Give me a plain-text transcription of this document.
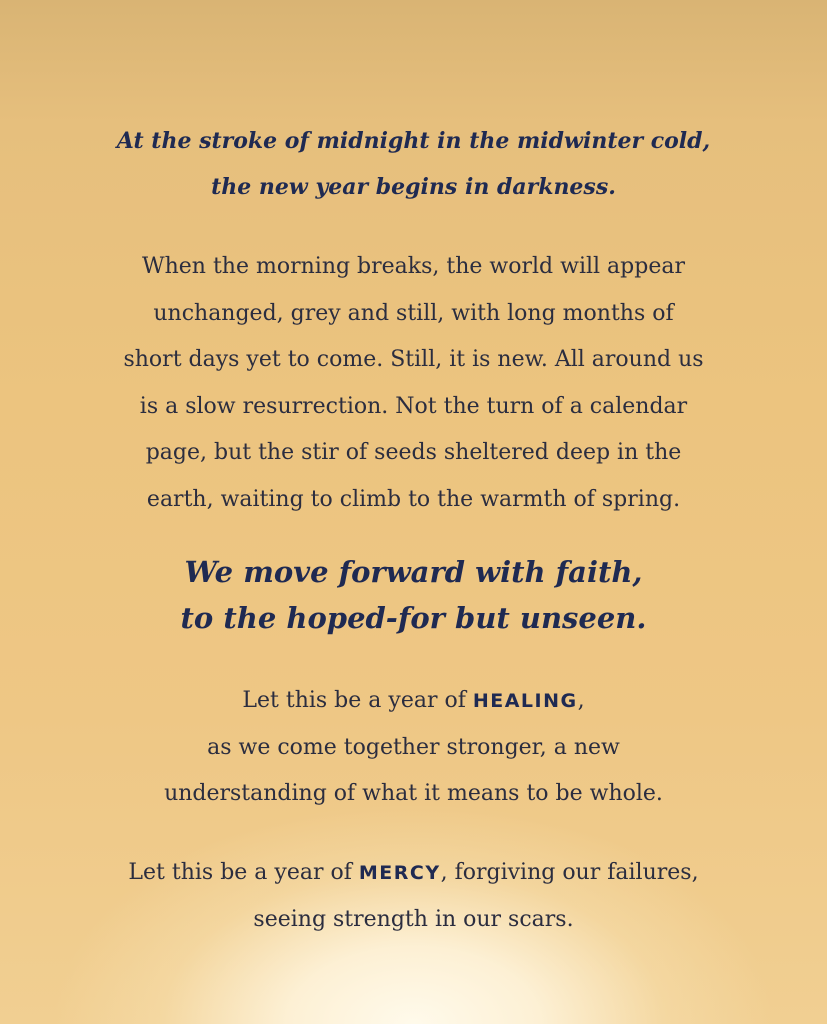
At the stroke of midnight in the midwinter cold,
the new year begins in darkness.
When the morning breaks, the world will appear
unchanged, grey and still, with long months of
short days yet to come. Still, it is new. All around us
is a slow resurrection. Not the turn of a calendar
page, but the stir of seeds sheltered deep in the
earth, waiting to climb to the warmth of spring.
We move forward with faith,
to the hoped-for but unseen.
Let this be a year of HEALING,
as we come together stronger, a new
understanding of what it means to be whole.
Let this be a year of MERCY, forgiving our failures,
seeing strength in our scars.
